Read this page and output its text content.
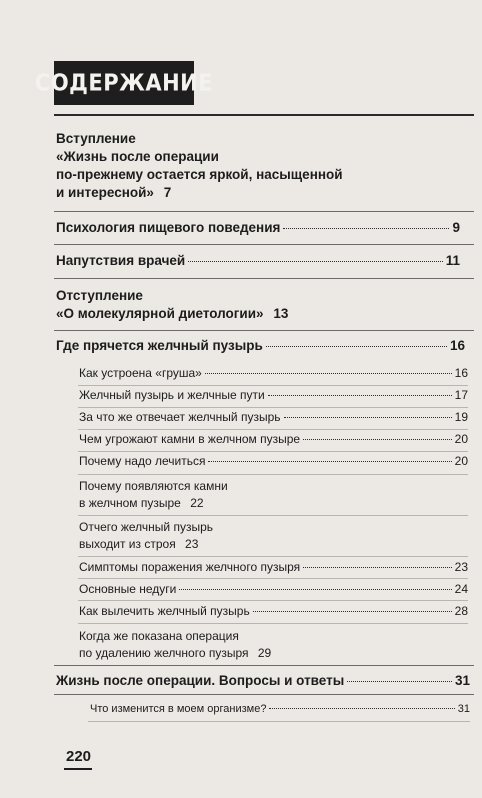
СОДЕРЖАНИЕ
Вступление
«Жизнь после операции
по-прежнему остается яркой, насыщенной
и интересной» 7
Психология пищевого поведения	9
Напутствия врачей	11
Отступление
«О молекулярной диетологии» 13
Где прячется желчный пузырь	16
Как устроена «груша»	16
Желчный пузырь и желчные пути	17
За что же отвечает желчный пузырь	19
Чем угрожают камни в желчном пузыре	20
Почему надо лечиться	20
Почему появляются камни
в желчном пузыре 22
Отчего желчный пузырь
выходит из строя 23
Симптомы поражения желчного пузыря	23
Основные недуги	24
Как вылечить желчный пузырь	28
Когда же показана операция
по удалению желчного пузыря 29
Жизнь после операции. Вопросы и ответы	31
Что изменится в моем организме?	31
220
